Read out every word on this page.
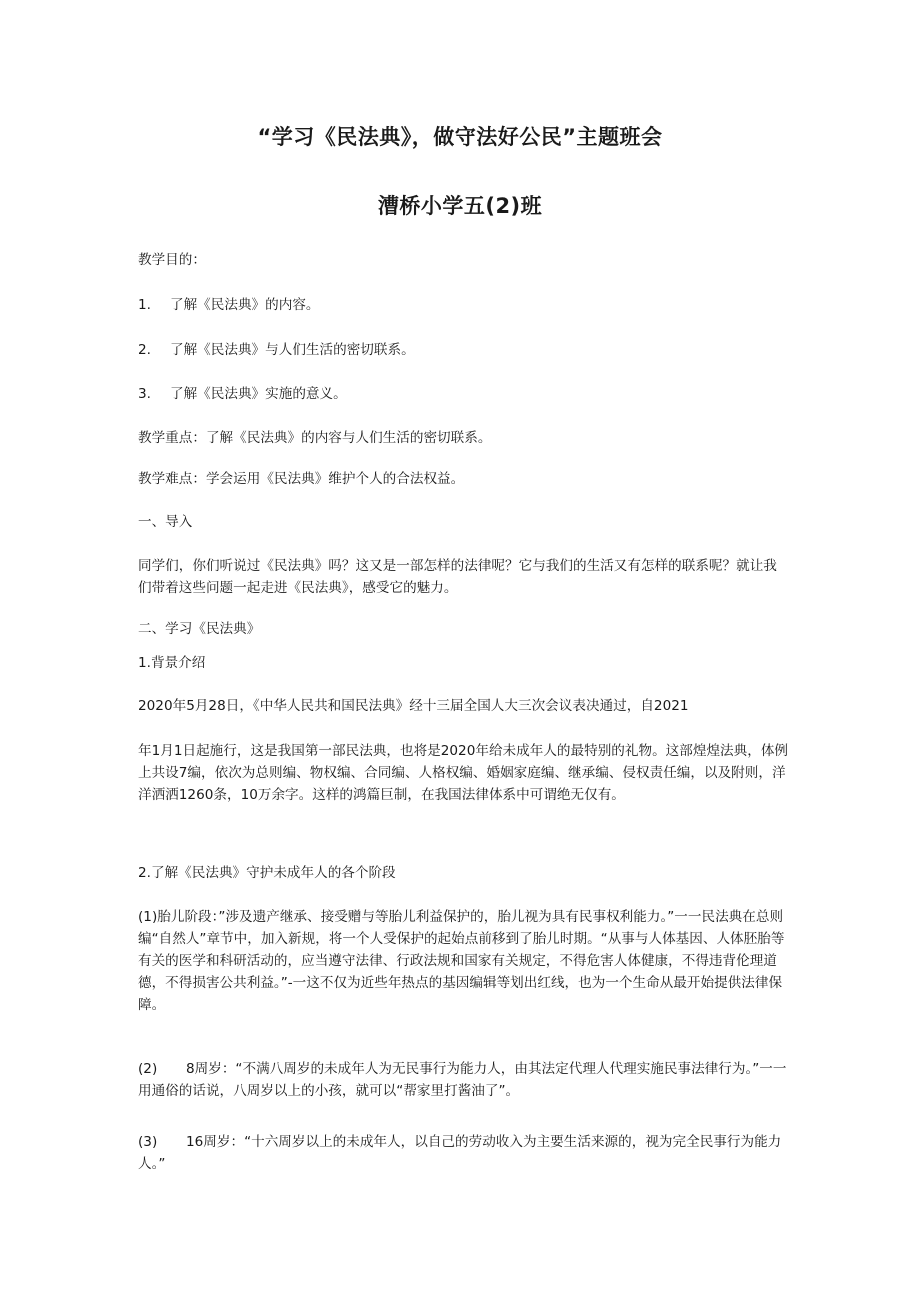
“学习《民法典》，做守法好公民”主题班会
漕桥小学五(2)班

教学目的：

1. 了解《民法典》的内容。

2. 了解《民法典》与人们生活的密切联系。

3. 了解《民法典》实施的意义。

教学重点：了解《民法典》的内容与人们生活的密切联系。

教学难点：学会运用《民法典》维护个人的合法权益。

一、导入

同学们，你们听说过《民法典》吗？这又是一部怎样的法律呢？它与我们的生活又有怎样的联系呢？就让我们带着这些问题一起走进《民法典》，感受它的魅力。

二、学习《民法典》

1.背景介绍

2020年5月28日，《中华人民共和国民法典》经十三届全国人大三次会议表决通过，自2021

年1月1日起施行，这是我国第一部民法典，也将是2020年给未成年人的最特别的礼物。这部煌煌法典，体例上共设7编，依次为总则编、物权编、合同编、人格权编、婚姻家庭编、继承编、侵权责任编，以及附则，洋洋洒洒1260条，10万余字。这样的鸿篇巨制，在我国法律体系中可谓绝无仅有。

2.了解《民法典》守护未成年人的各个阶段

(1)胎儿阶段：”涉及遗产继承、接受赠与等胎儿利益保护的，胎儿视为具有民事权利能力。”一一民法典在总则编“自然人”章节中，加入新规，将一个人受保护的起始点前移到了胎儿时期。“从事与人体基因、人体胚胎等有关的医学和科研活动的，应当遵守法律、行政法规和国家有关规定，不得危害人体健康，不得违背伦理道德，不得损害公共利益。”-一这不仅为近些年热点的基因编辑等划出红线，也为一个生命从最开始提供法律保障。

(2) 8周岁：“不满八周岁的未成年人为无民事行为能力人，由其法定代理人代理实施民事法律行为。”一一用通俗的话说，八周岁以上的小孩，就可以“帮家里打酱油了”。

(3) 16周岁：“十六周岁以上的未成年人，以自己的劳动收入为主要生活来源的，视为完全民事行为能力人。”
